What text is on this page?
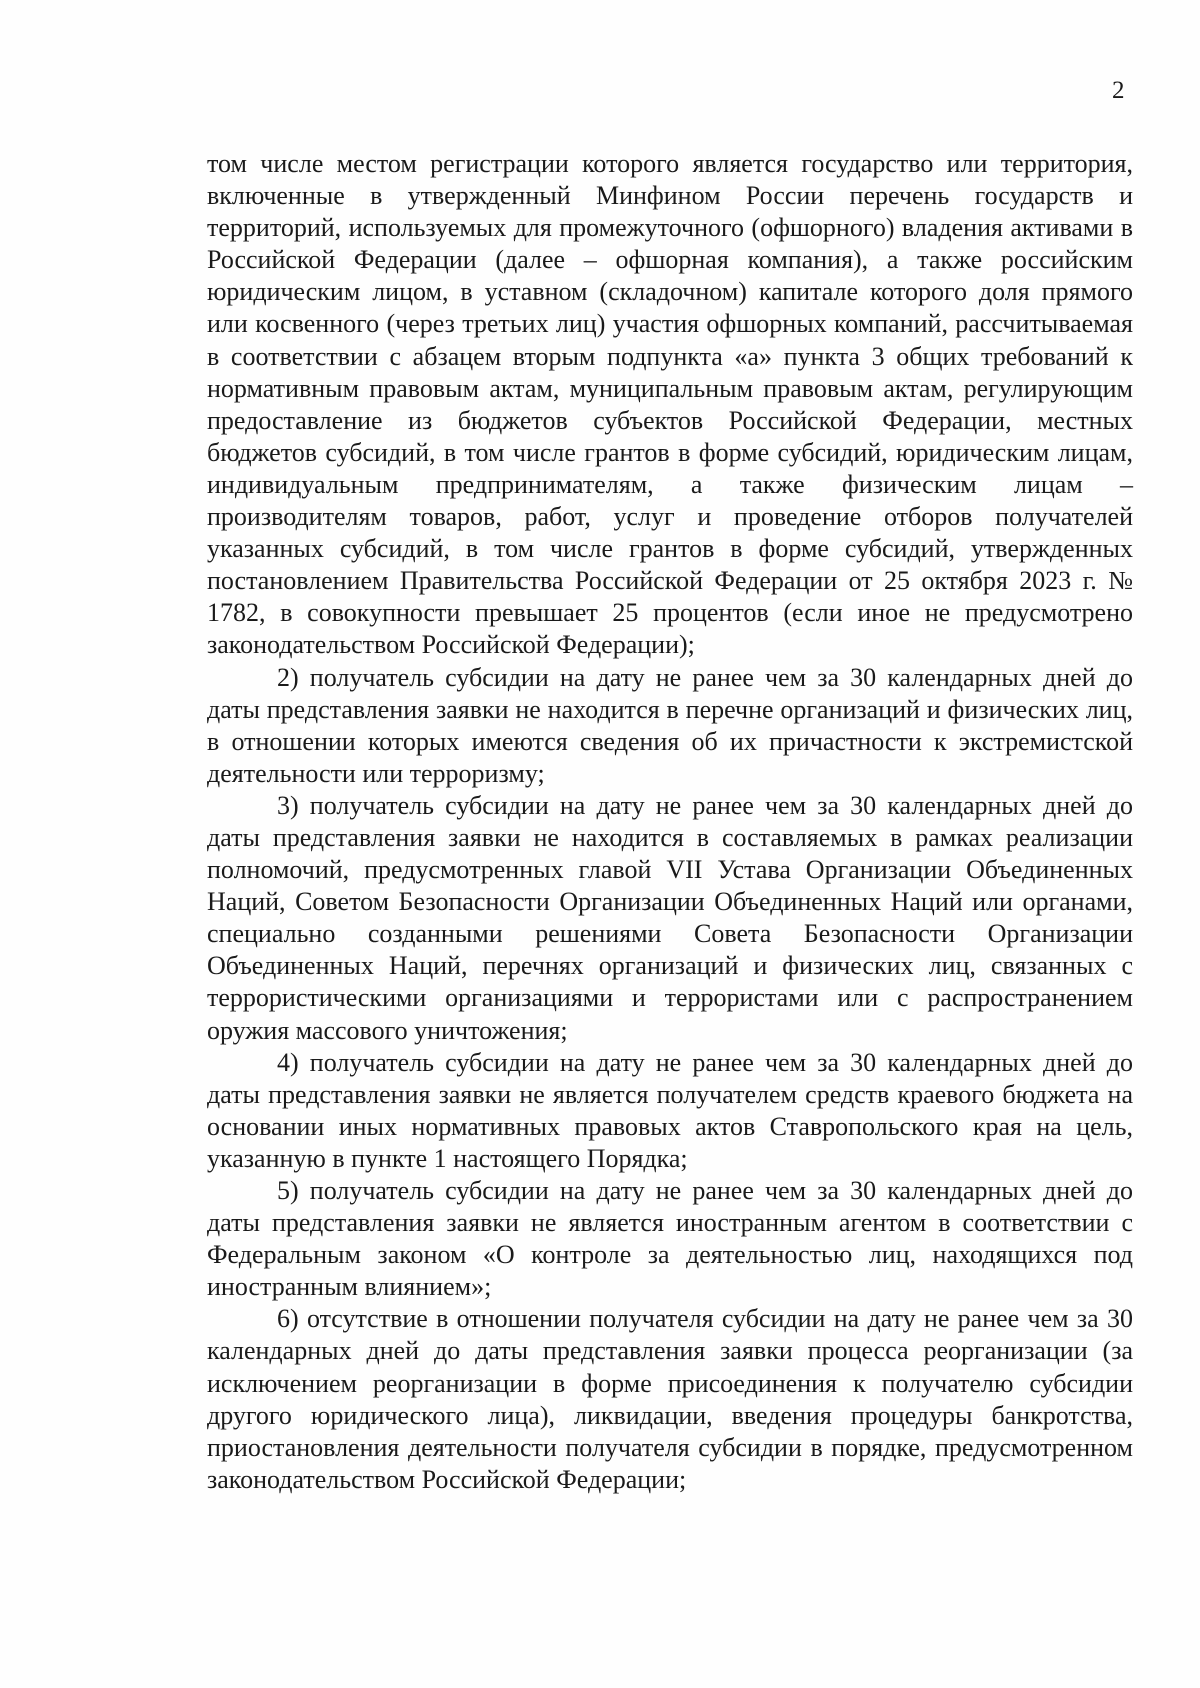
2

том числе местом регистрации которого является государство или территория, включенные в утвержденный Минфином России перечень государств и территорий, используемых для промежуточного (офшорного) владения активами в Российской Федерации (далее – офшорная компания), а также российским юридическим лицом, в уставном (складочном) капитале которого доля прямого или косвенного (через третьих лиц) участия офшорных компаний, рассчитываемая в соответствии с абзацем вторым подпункта «а» пункта 3 общих требований к нормативным правовым актам, муниципальным правовым актам, регулирующим предоставление из бюджетов субъектов Российской Федерации, местных бюджетов субсидий, в том числе грантов в форме субсидий, юридическим лицам, индивидуальным предпринимателям, а также физическим лицам – производителям товаров, работ, услуг и проведение отборов получателей указанных субсидий, в том числе грантов в форме субсидий, утвержденных постановлением Правительства Российской Федерации от 25 октября 2023 г. № 1782, в совокупности превышает 25 процентов (если иное не предусмотрено законодательством Российской Федерации);

2) получатель субсидии на дату не ранее чем за 30 календарных дней до даты представления заявки не находится в перечне организаций и физических лиц, в отношении которых имеются сведения об их причастности к экстремистской деятельности или терроризму;

3) получатель субсидии на дату не ранее чем за 30 календарных дней до даты представления заявки не находится в составляемых в рамках реализации полномочий, предусмотренных главой VII Устава Организации Объединенных Наций, Советом Безопасности Организации Объединенных Наций или органами, специально созданными решениями Совета Безопасности Организации Объединенных Наций, перечнях организаций и физических лиц, связанных с террористическими организациями и террористами или с распространением оружия массового уничтожения;

4) получатель субсидии на дату не ранее чем за 30 календарных дней до даты представления заявки не является получателем средств краевого бюджета на основании иных нормативных правовых актов Ставропольского края на цель, указанную в пункте 1 настоящего Порядка;

5) получатель субсидии на дату не ранее чем за 30 календарных дней до даты представления заявки не является иностранным агентом в соответствии с Федеральным законом «О контроле за деятельностью лиц, находящихся под иностранным влиянием»;

6) отсутствие в отношении получателя субсидии на дату не ранее чем за 30 календарных дней до даты представления заявки процесса реорганизации (за исключением реорганизации в форме присоединения к получателю субсидии другого юридического лица), ликвидации, введения процедуры банкротства, приостановления деятельности получателя субсидии в порядке, предусмотренном законодательством Российской Федерации;
